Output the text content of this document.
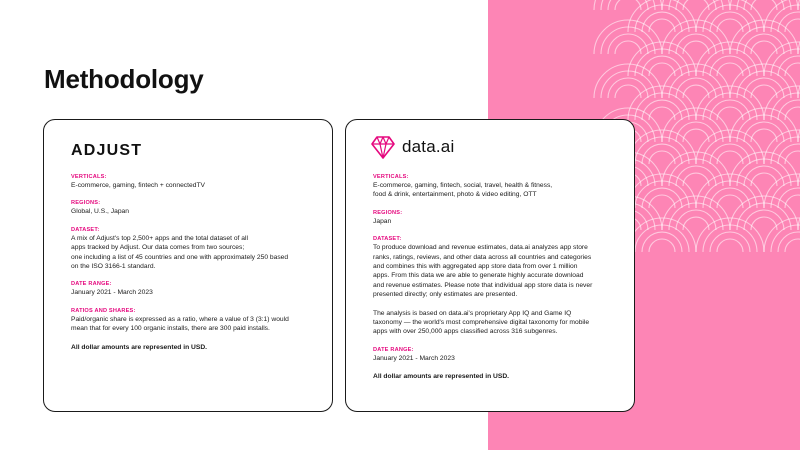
Methodology
ADJUST
VERTICALS:
E-commerce, gaming, fintech + connectedTV
REGIONS:
Global, U.S., Japan
DATASET:
A mix of Adjust's top 2,500+ apps and the total dataset of all
apps tracked by Adjust. Our data comes from two sources;
one including a list of 45 countries and one with approximately 250 based
on the ISO 3166-1 standard.
DATE RANGE:
January 2021 - March 2023
RATIOS AND SHARES:
Paid/organic share is expressed as a ratio, where a value of 3 (3:1) would
mean that for every 100 organic installs, there are 300 paid installs.
All dollar amounts are represented in USD.
data.ai
VERTICALS:
E-commerce, gaming, fintech, social, travel, health & fitness,
food & drink, entertainment, photo & video editing, OTT
REGIONS:
Japan
DATASET:
To produce download and revenue estimates, data.ai analyzes app store
ranks, ratings, reviews, and other data across all countries and categories
and combines this with aggregated app store data from over 1 million
apps. From this data we are able to generate highly accurate download
and revenue estimates. Please note that individual app store data is never
presented directly; only estimates are presented.
The analysis is based on data.ai's proprietary App IQ and Game IQ
taxonomy — the world's most comprehensive digital taxonomy for mobile
apps with over 250,000 apps classified across 316 subgenres.
DATE RANGE:
January 2021 - March 2023
All dollar amounts are represented in USD.
